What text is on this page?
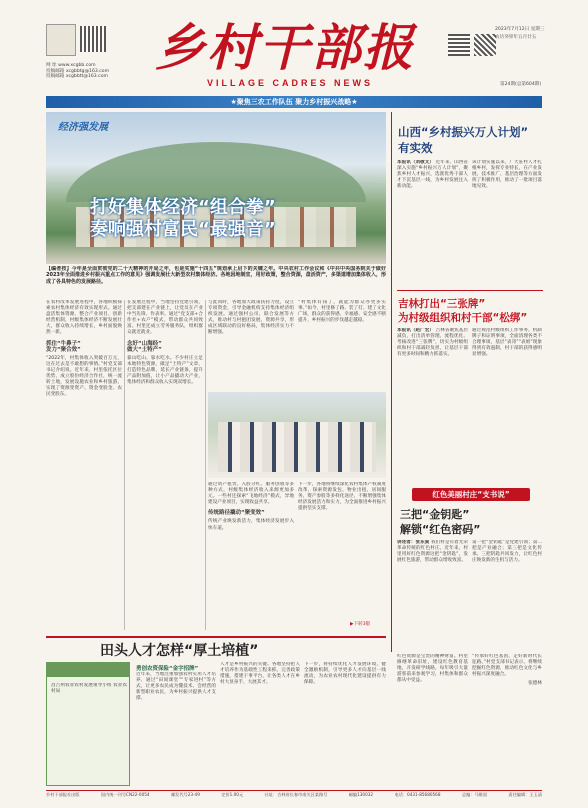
网 址 www.xcgbb.com
投稿邮箱 xcgbbtg@163.com
投稿邮箱 xcgbbtt@163.com 乡村干部报
VILLAGE CADRES NEWS
2023年7月12日 星期三
农历癸卯年五月廿五
第24期(总第604期)
★聚焦三农工作队伍 聚力乡村振兴战略★
经济强发展
打好集体经济“组合拳”
奏响强村富民“最强音”
【编者按】今年是全面贯彻党的二十大精神的开局之年，也是实施“十四五”规划承上启下的关键之年。中央农村工作会议和《中共中央国务院关于做好2023年全面推进乡村振兴重点工作的意见》强调发展壮大新型农村集体经济。各地因地制宜，用好政策，整合资源，盘活资产，多渠道增加集体收入，形成了各具特色的发展路径。
在农村改革发展进程中，各地积极探索农村集体经济有效实现形式。通过盘活集体资源、整合产业项目、创新经营机制，村级集体经济不断发展壮大，群众收入持续增长，乡村面貌焕然一新。
抓住“牛鼻子”
发力“聚合效”
“2022年，村集体收入突破百万元，这在过去是不敢想的事情。”村党支部书记介绍说。近年来，村里依托区位优势，成立股份经济合作社，统一流转土地，发展设施农业和乡村旅游，实现了资源变资产、资金变股金、农民变股东。
在发展过程中，当地坚持党建引领，把支部建在产业链上，让党员在产业中当先锋、作表率。通过“党支部+合作社+农户”模式，带动群众共同致富。村里还成立劳务服务队，组织群众就近就业。
念好“山海经”
做大“土特产”
靠山吃山、靠水吃水。不少村庄立足本地特色资源，做足“土特产”文章，打造特色品牌，延长产业链条，提升产品附加值，让小产品撬动大产业，集体经济和群众收入实现双增长。
与此同时，各地加大政策扶持力度，设立专项资金，引导金融机构支持集体经济组织发展。通过强村公司、联合发展等方式，推动村与村抱团发展、资源共享，形成区域联动的良好格局，集体经济实力不断增强。
“村集体有钱了，就能为群众办更多实事。”如今，村里修了路、装了灯、建了文化广场，群众的获得感、幸福感、安全感不断提升，乡村振兴的步伐越走越稳。
通过资产租赁、入股分红、服务创收等多种方式，村级集体经济收入来源更加多元。一些村还探索“飞地经济”模式，异地建设产业项目，实现收益共享。
传统路径撬动“聚变效”
传统产业焕发新活力，集体经济发展步入快车道。
下一步，各地将继续深化农村集体产权制度改革，探索资源发包、物业出租、居间服务、资产参股等多样化途径，不断增强集体经济发展活力和实力，为全面推进乡村振兴提供坚实支撑。
▶下转3版
山西“乡村振兴万人计划”
有实效
本报讯（刘敬文） 近年来，山西省深入实施“乡村振兴万人计划”，聚焦乡村人才振兴，选派优秀干部人才下沉基层一线，为乡村发展注入新动能。
该计划实施以来，广大驻村人才扎根乡村，发挥专业特长，在产业发展、技术推广、基层治理等方面发挥了积极作用，推动了一批项目落地见效。
吉林打出“三张牌”
为村级组织和村干部“松绑”
本报讯（赵广宏） 吉林省聚焦基层减负，打出清单管理、流程优化、考核改进“三张牌”，切实为村级组织和村干部减轻负担，让基层干部有更多时间和精力抓落实。
通过规范村级组织工作事务、机制牌子和证明事项，全面清理各类不合理事项，基层“表哥”“表姐”现象得到有效遏制，村干部的获得感明显增强。
红色美丽村庄“支书说”
三把“金钥匙”
解锁“红色密码”
讲述者：张东寅 我们村是有着光荣革命传统的红色村庄。近年来，村里用好红色资源这把“金钥匙”，发展红色旅游，带动群众增收致富。
第一把“金钥匙”是党建引领；第二把是产业融合；第三把是文化传承。三把钥匙共同发力，让红色村庄焕发新的生机与活力。
田头人才怎样“厚土培植”
昌吉州农业农村发展领导小组 农业农村局
勇创农资保险“金字招牌”
近年来，当地注重加强农村实用人才培养，通过“田间课堂”“专家进村”等方式，让更多农民成为懂技术、会经营的新型职业农民，为乡村振兴提供人才支撑。
人才是乡村振兴的关键。各地坚持把人才培养作为基础性工程来抓，完善政策措施，搭建干事平台，让各类人才在乡村大显身手、大展其才。
下一步，将持续优化人才发展环境，健全激励机制，引导更多人才向基层一线流动，为农业农村现代化建设提供有力保障。
红色资源是宝贵的精神财富。村里修缮革命旧址，建设红色教育基地，开发研学线路，每年吸引大量游客前来参观学习，村集体和群众都从中受益。
“传承好红色基因，走好新时代长征路。”村党支部书记表示，将继续挖掘红色资源，推动红色文化与乡村振兴深度融合。
张德林
乡村干部报社出版	国内统一刊号CN22-0054	邮发代号23-49	定价1.00元	社址：吉林省长春市南关区某路号	邮编130032	电话：0431-85680568	总编：马维国	责任编辑：王玉清
